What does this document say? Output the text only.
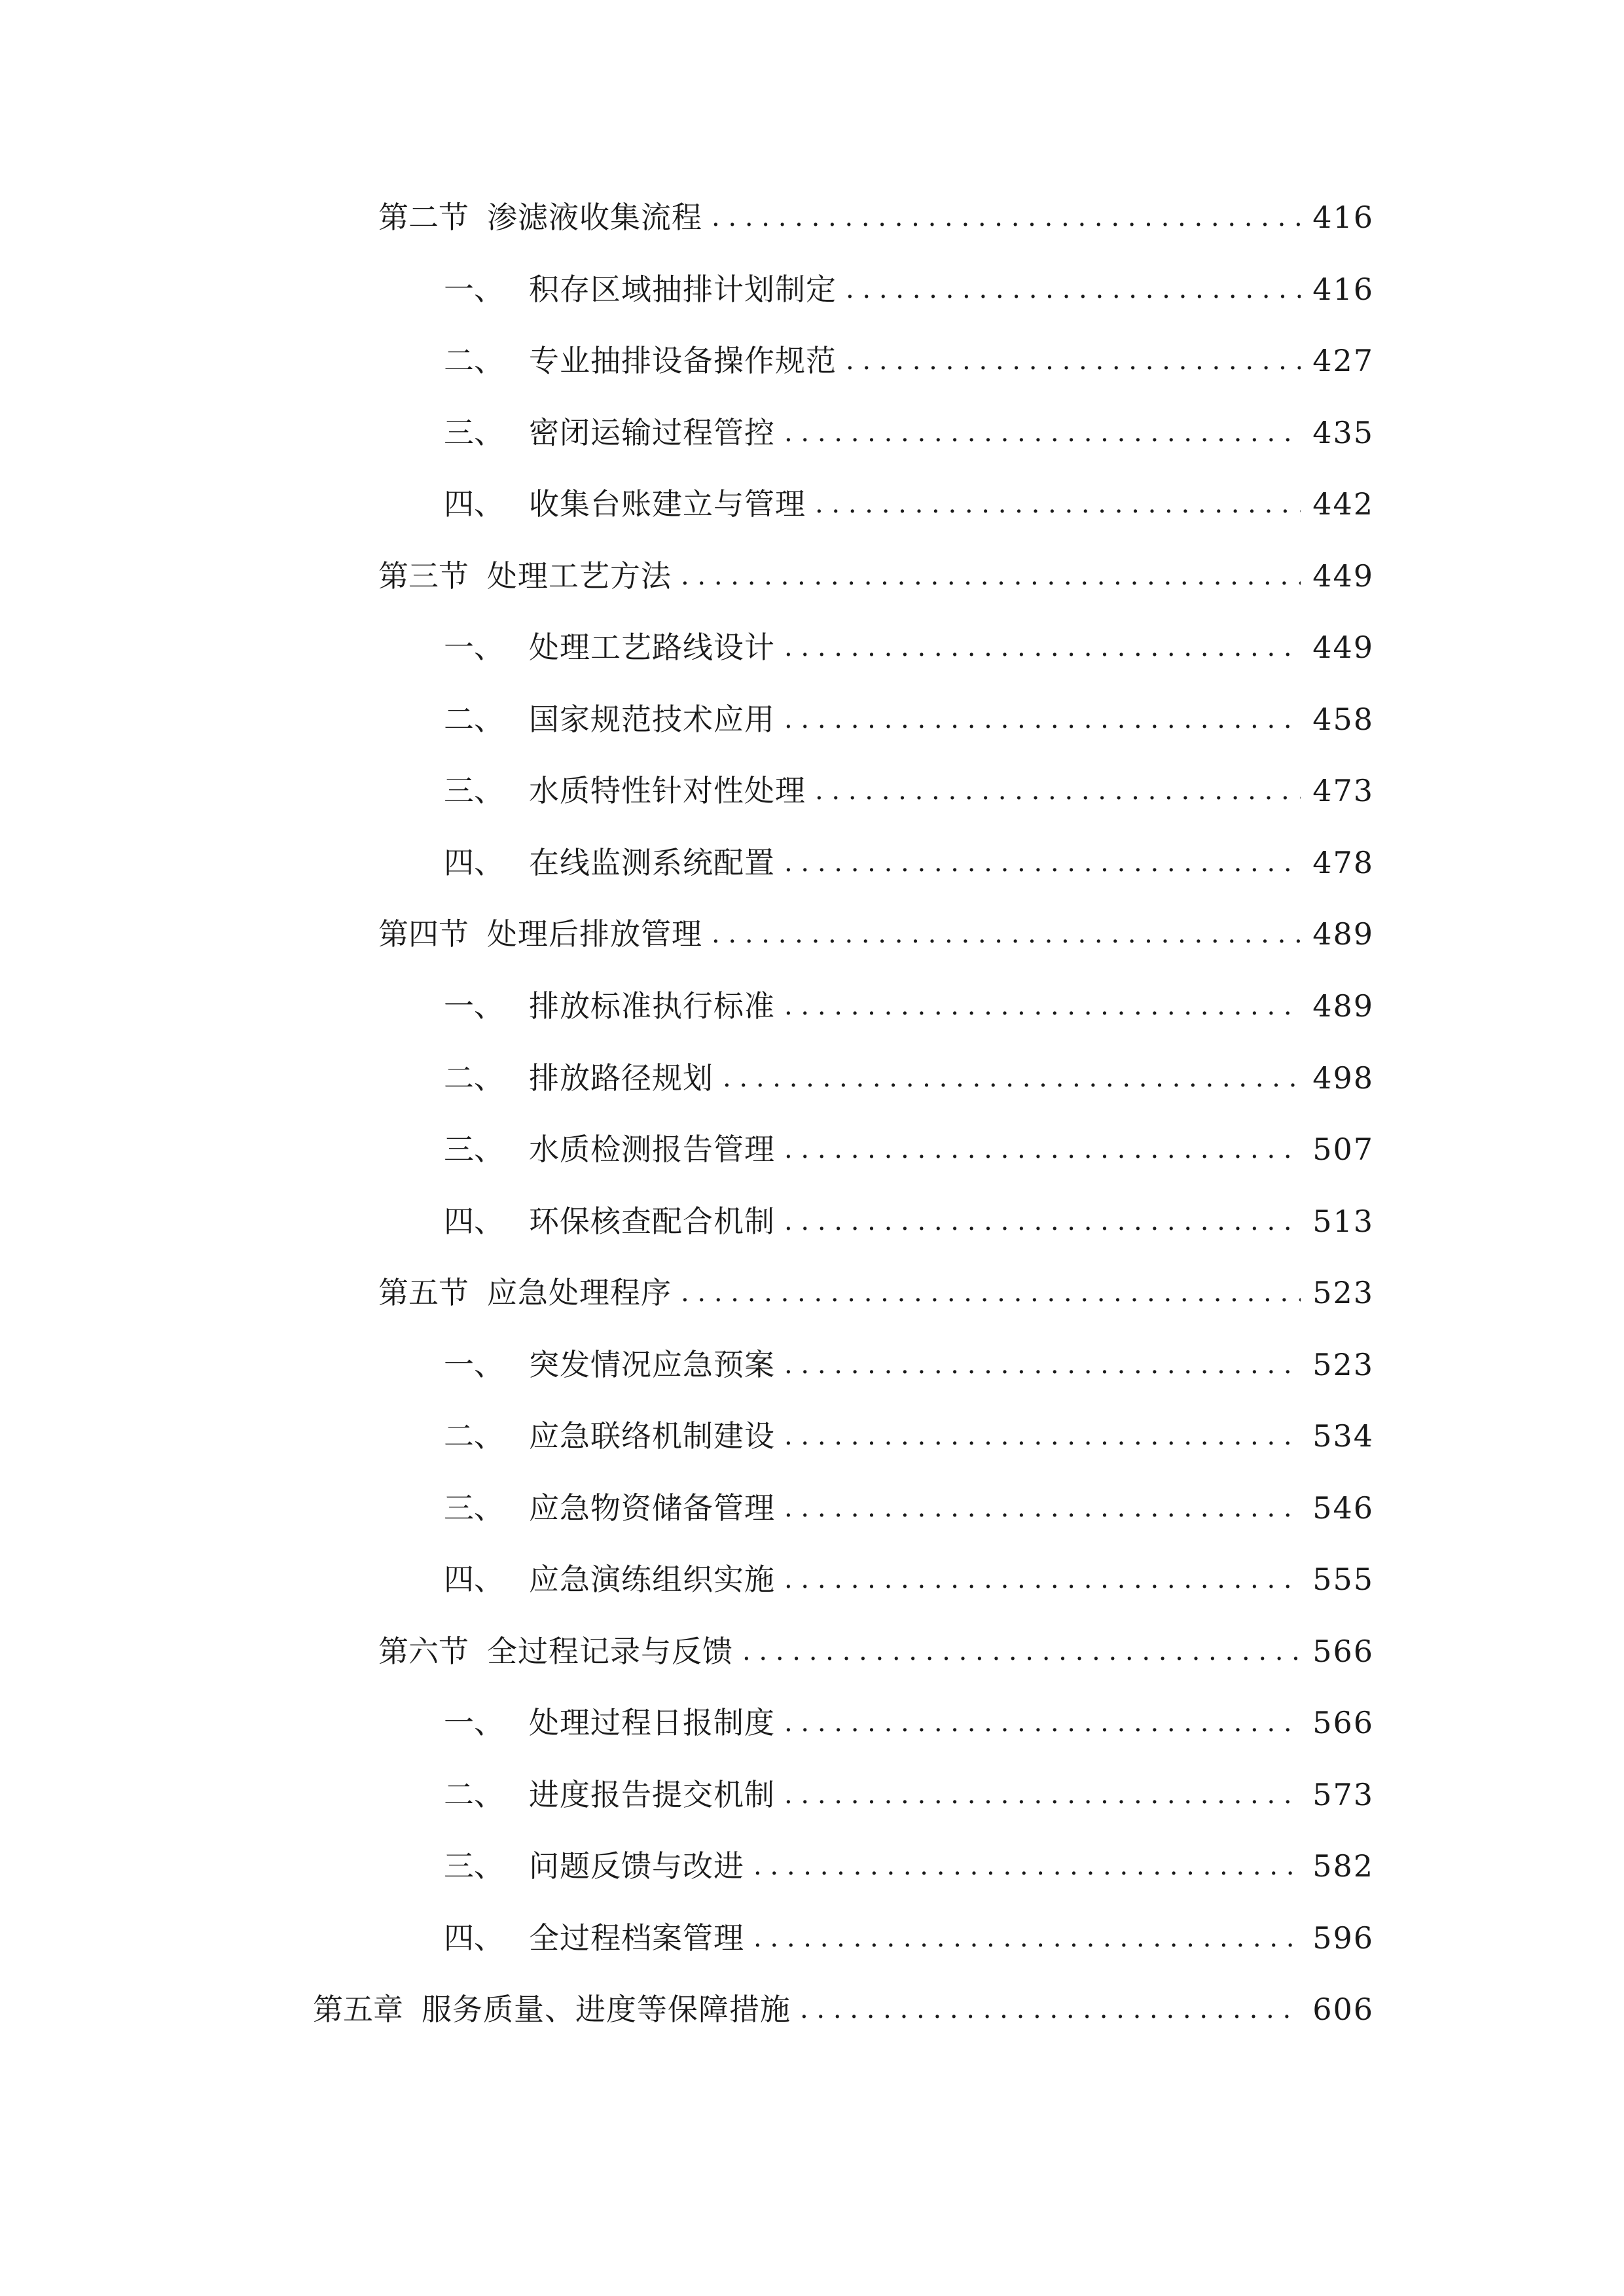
第二节 渗滤液收集流程 . . .	416
一、 积存区域抽排计划制定 . . .	416
二、 专业抽排设备操作规范 . . .	427
三、 密闭运输过程管控 . . .	435
四、 收集台账建立与管理 . . .	442
第三节 处理工艺方法 . . .	449
一、 处理工艺路线设计 . . .	449
二、 国家规范技术应用 . . .	458
三、 水质特性针对性处理 . . .	473
四、 在线监测系统配置 . . .	478
第四节 处理后排放管理 . . .	489
一、 排放标准执行标准 . . .	489
二、 排放路径规划 . . .	498
三、 水质检测报告管理 . . .	507
四、 环保核查配合机制 . . .	513
第五节 应急处理程序 . . .	523
一、 突发情况应急预案 . . .	523
二、 应急联络机制建设 . . .	534
三、 应急物资储备管理 . . .	546
四、 应急演练组织实施 . . .	555
第六节 全过程记录与反馈 . . .	566
一、 处理过程日报制度 . . .	566
二、 进度报告提交机制 . . .	573
三、 问题反馈与改进 . . .	582
四、 全过程档案管理 . . .	596
第五章 服务质量、进度等保障措施 . . .	606
